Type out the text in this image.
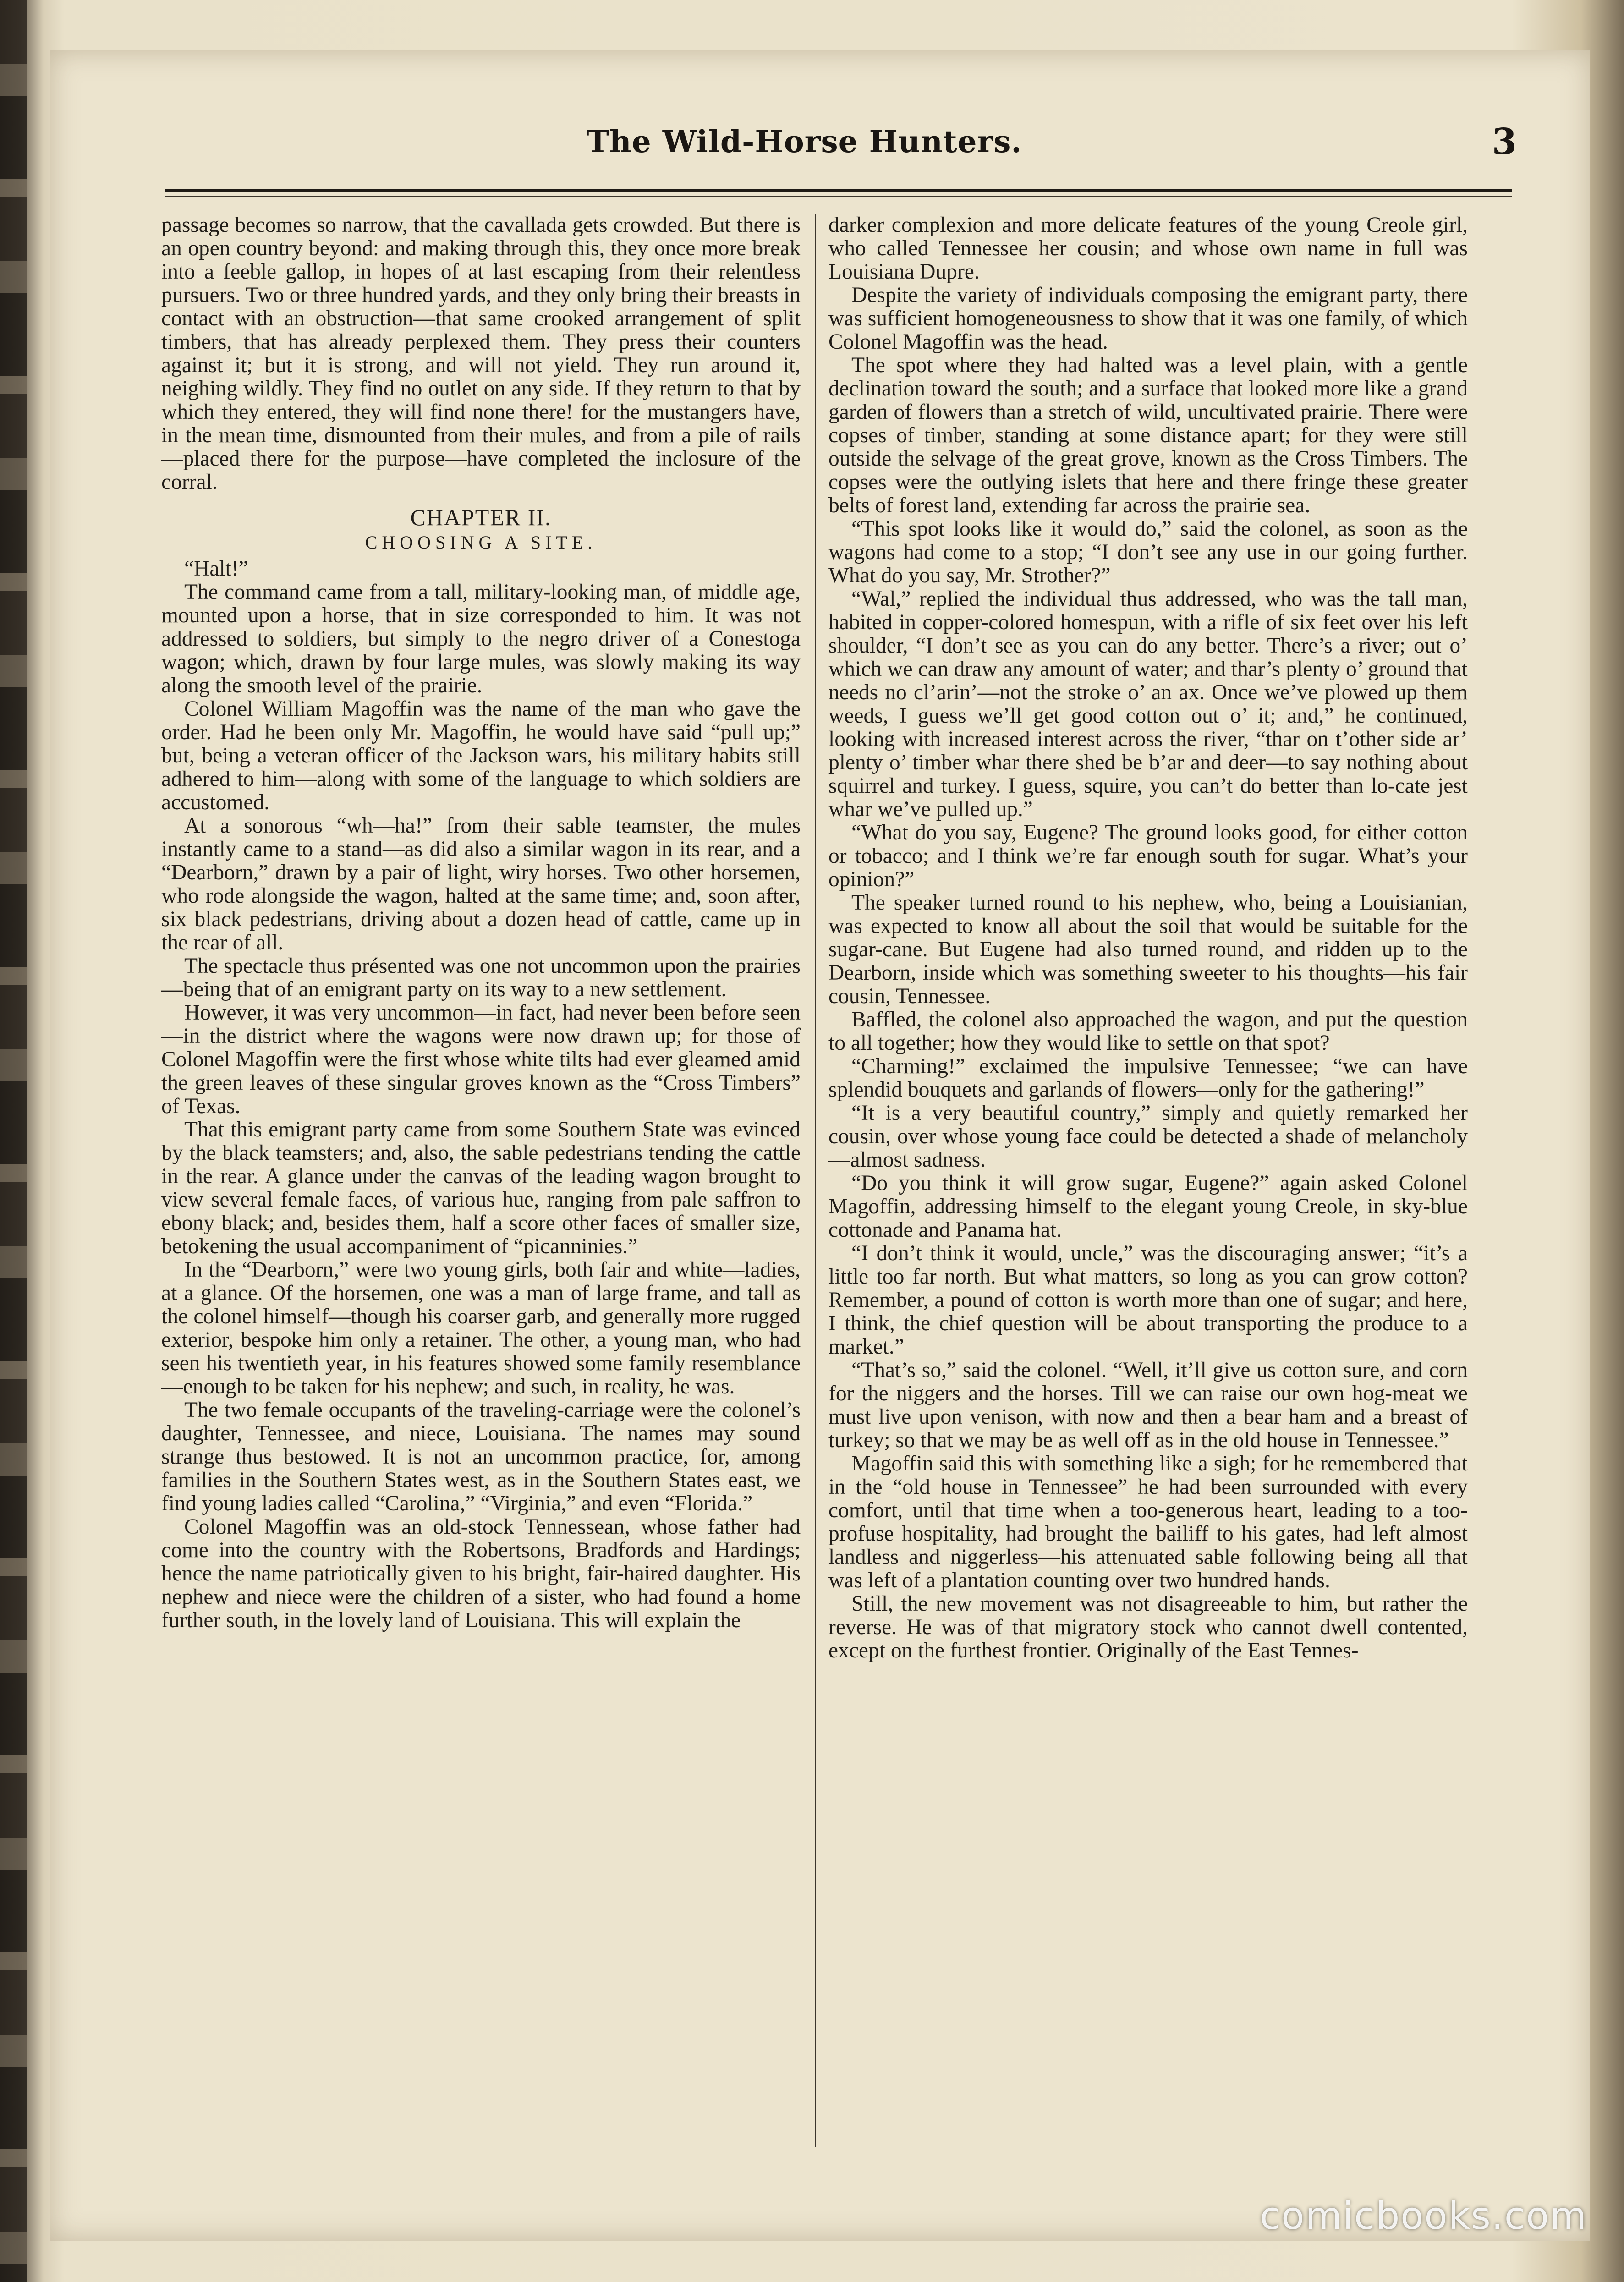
The Wild-Horse Hunters.	3

passage becomes so narrow, that the cavallada gets crowded. But there is an open country beyond: and making through this, they once more break into a feeble gallop, in hopes of at last escaping from their relentless pursuers. Two or three hundred yards, and they only bring their breasts in contact with an obstruction—that same crooked arrangement of split timbers, that has already perplexed them. They press their counters against it; but it is strong, and will not yield. They run around it, neighing wildly. They find no outlet on any side. If they return to that by which they entered, they will find none there! for the mustangers have, in the mean time, dismounted from their mules, and from a pile of rails—placed there for the purpose—have completed the inclosure of the corral.

CHAPTER II.
CHOOSING A SITE.

“Halt!”

The command came from a tall, military-looking man, of middle age, mounted upon a horse, that in size corresponded to him. It was not addressed to soldiers, but simply to the negro driver of a Conestoga wagon; which, drawn by four large mules, was slowly making its way along the smooth level of the prairie.

Colonel William Magoffin was the name of the man who gave the order. Had he been only Mr. Magoffin, he would have said “pull up;” but, being a veteran officer of the Jackson wars, his military habits still adhered to him—along with some of the language to which soldiers are accustomed.

At a sonorous “wh—ha!” from their sable teamster, the mules instantly came to a stand—as did also a similar wagon in its rear, and a “Dearborn,” drawn by a pair of light, wiry horses. Two other horsemen, who rode alongside the wagon, halted at the same time; and, soon after, six black pedestrians, driving about a dozen head of cattle, came up in the rear of all.

The spectacle thus présented was one not uncommon upon the prairies—being that of an emigrant party on its way to a new settlement.

However, it was very uncommon—in fact, had never been before seen—in the district where the wagons were now drawn up; for those of Colonel Magoffin were the first whose white tilts had ever gleamed amid the green leaves of these singular groves known as the “Cross Timbers” of Texas.

That this emigrant party came from some Southern State was evinced by the black teamsters; and, also, the sable pedestrians tending the cattle in the rear. A glance under the canvas of the leading wagon brought to view several female faces, of various hue, ranging from pale saffron to ebony black; and, besides them, half a score other faces of smaller size, betokening the usual accompaniment of “picanninies.”

In the “Dearborn,” were two young girls, both fair and white—ladies, at a glance. Of the horsemen, one was a man of large frame, and tall as the colonel himself—though his coarser garb, and generally more rugged exterior, bespoke him only a retainer. The other, a young man, who had seen his twentieth year, in his features showed some family resemblance—enough to be taken for his nephew; and such, in reality, he was.

The two female occupants of the traveling-carriage were the colonel’s daughter, Tennessee, and niece, Louisiana. The names may sound strange thus bestowed. It is not an uncommon practice, for, among families in the Southern States west, as in the Southern States east, we find young ladies called “Carolina,” “Virginia,” and even “Florida.”

Colonel Magoffin was an old-stock Tennessean, whose father had come into the country with the Robertsons, Bradfords and Hardings; hence the name patriotically given to his bright, fair-haired daughter. His nephew and niece were the children of a sister, who had found a home further south, in the lovely land of Louisiana. This will explain the

darker complexion and more delicate features of the young Creole girl, who called Tennessee her cousin; and whose own name in full was Louisiana Dupre.

Despite the variety of individuals composing the emigrant party, there was sufficient homogeneousness to show that it was one family, of which Colonel Magoffin was the head.

The spot where they had halted was a level plain, with a gentle declination toward the south; and a surface that looked more like a grand garden of flowers than a stretch of wild, uncultivated prairie. There were copses of timber, standing at some distance apart; for they were still outside the selvage of the great grove, known as the Cross Timbers. The copses were the outlying islets that here and there fringe these greater belts of forest land, extending far across the prairie sea.

“This spot looks like it would do,” said the colonel, as soon as the wagons had come to a stop; “I don’t see any use in our going further. What do you say, Mr. Strother?”

“Wal,” replied the individual thus addressed, who was the tall man, habited in copper-colored homespun, with a rifle of six feet over his left shoulder, “I don’t see as you can do any better. There’s a river; out o’ which we can draw any amount of water; and thar’s plenty o’ ground that needs no cl’arin’—not the stroke o’ an ax. Once we’ve plowed up them weeds, I guess we’ll get good cotton out o’ it; and,” he continued, looking with increased interest across the river, “thar on t’other side ar’ plenty o’ timber whar there shed be b’ar and deer—to say nothing about squirrel and turkey. I guess, squire, you can’t do better than lo-cate jest whar we’ve pulled up.”

“What do you say, Eugene? The ground looks good, for either cotton or tobacco; and I think we’re far enough south for sugar. What’s your opinion?”

The speaker turned round to his nephew, who, being a Louisianian, was expected to know all about the soil that would be suitable for the sugar-cane. But Eugene had also turned round, and ridden up to the Dearborn, inside which was something sweeter to his thoughts—his fair cousin, Tennessee.

Baffled, the colonel also approached the wagon, and put the question to all together; how they would like to settle on that spot?

“Charming!” exclaimed the impulsive Tennessee; “we can have splendid bouquets and garlands of flowers—only for the gathering!”

“It is a very beautiful country,” simply and quietly remarked her cousin, over whose young face could be detected a shade of melancholy—almost sadness.

“Do you think it will grow sugar, Eugene?” again asked Colonel Magoffin, addressing himself to the elegant young Creole, in sky-blue cottonade and Panama hat.

“I don’t think it would, uncle,” was the discouraging answer; “it’s a little too far north. But what matters, so long as you can grow cotton? Remember, a pound of cotton is worth more than one of sugar; and here, I think, the chief question will be about transporting the produce to a market.”

“That’s so,” said the colonel. “Well, it’ll give us cotton sure, and corn for the niggers and the horses. Till we can raise our own hog-meat we must live upon venison, with now and then a bear ham and a breast of turkey; so that we may be as well off as in the old house in Tennessee.”

Magoffin said this with something like a sigh; for he remembered that in the “old house in Tennessee” he had been surrounded with every comfort, until that time when a too-generous heart, leading to a too-profuse hospitality, had brought the bailiff to his gates, had left almost landless and niggerless—his attenuated sable following being all that was left of a plantation counting over two hundred hands.

Still, the new movement was not disagreeable to him, but rather the reverse. He was of that migratory stock who cannot dwell contented, except on the furthest frontier. Originally of the East Tennes-

comicbooks.com
